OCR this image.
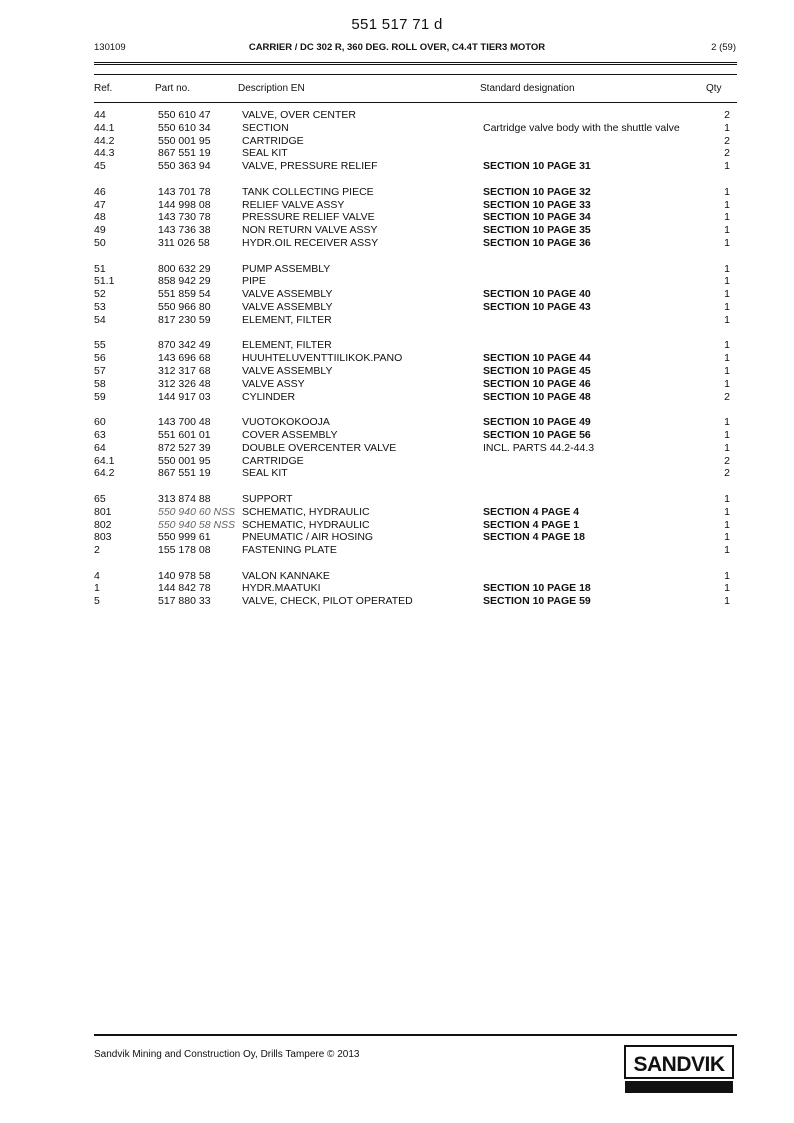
551 517 71 d
130109	CARRIER / DC 302 R, 360 DEG. ROLL OVER, C4.4T TIER3 MOTOR	2 (59)
Ref.	Part no.	Description EN	Standard designation	Qty
44	550 610 47	VALVE, OVER CENTER		2
44.1	550 610 34	SECTION	Cartridge valve body with the shuttle valve	1
44.2	550 001 95	CARTRIDGE		2
44.3	867 551 19	SEAL KIT		2
45	550 363 94	VALVE, PRESSURE RELIEF	SECTION 10 PAGE 31	1

46	143 701 78	TANK COLLECTING PIECE	SECTION 10 PAGE 32	1
47	144 998 08	RELIEF VALVE ASSY	SECTION 10 PAGE 33	1
48	143 730 78	PRESSURE RELIEF VALVE	SECTION 10 PAGE 34	1
49	143 736 38	NON RETURN VALVE ASSY	SECTION 10 PAGE 35	1
50	311 026 58	HYDR.OIL RECEIVER ASSY	SECTION 10 PAGE 36	1

51	800 632 29	PUMP ASSEMBLY		1
51.1	858 942 29	PIPE		1
52	551 859 54	VALVE ASSEMBLY	SECTION 10 PAGE 40	1
53	550 966 80	VALVE ASSEMBLY	SECTION 10 PAGE 43	1
54	817 230 59	ELEMENT, FILTER		1

55	870 342 49	ELEMENT, FILTER		1
56	143 696 68	HUUHTELUVENTTIILIKOK.PANO	SECTION 10 PAGE 44	1
57	312 317 68	VALVE ASSEMBLY	SECTION 10 PAGE 45	1
58	312 326 48	VALVE ASSY	SECTION 10 PAGE 46	1
59	144 917 03	CYLINDER	SECTION 10 PAGE 48	2

60	143 700 48	VUOTOKOKOOJA	SECTION 10 PAGE 49	1
63	551 601 01	COVER ASSEMBLY	SECTION 10 PAGE 56	1
64	872 527 39	DOUBLE OVERCENTER VALVE	INCL. PARTS 44.2-44.3	1
64.1	550 001 95	CARTRIDGE		2
64.2	867 551 19	SEAL KIT		2

65	313 874 88	SUPPORT		1
801	550 940 60 NSS	SCHEMATIC, HYDRAULIC	SECTION 4 PAGE 4	1
802	550 940 58 NSS	SCHEMATIC, HYDRAULIC	SECTION 4 PAGE 1	1
803	550 999 61	PNEUMATIC / AIR HOSING	SECTION 4 PAGE 18	1
2	155 178 08	FASTENING PLATE		1

4	140 978 58	VALON KANNAKE		1
1	144 842 78	HYDR.MAATUKI	SECTION 10 PAGE 18	1
5	517 880 33	VALVE, CHECK, PILOT OPERATED	SECTION 10 PAGE 59	1
Sandvik Mining and Construction Oy, Drills Tampere © 2013	SANDVIK
